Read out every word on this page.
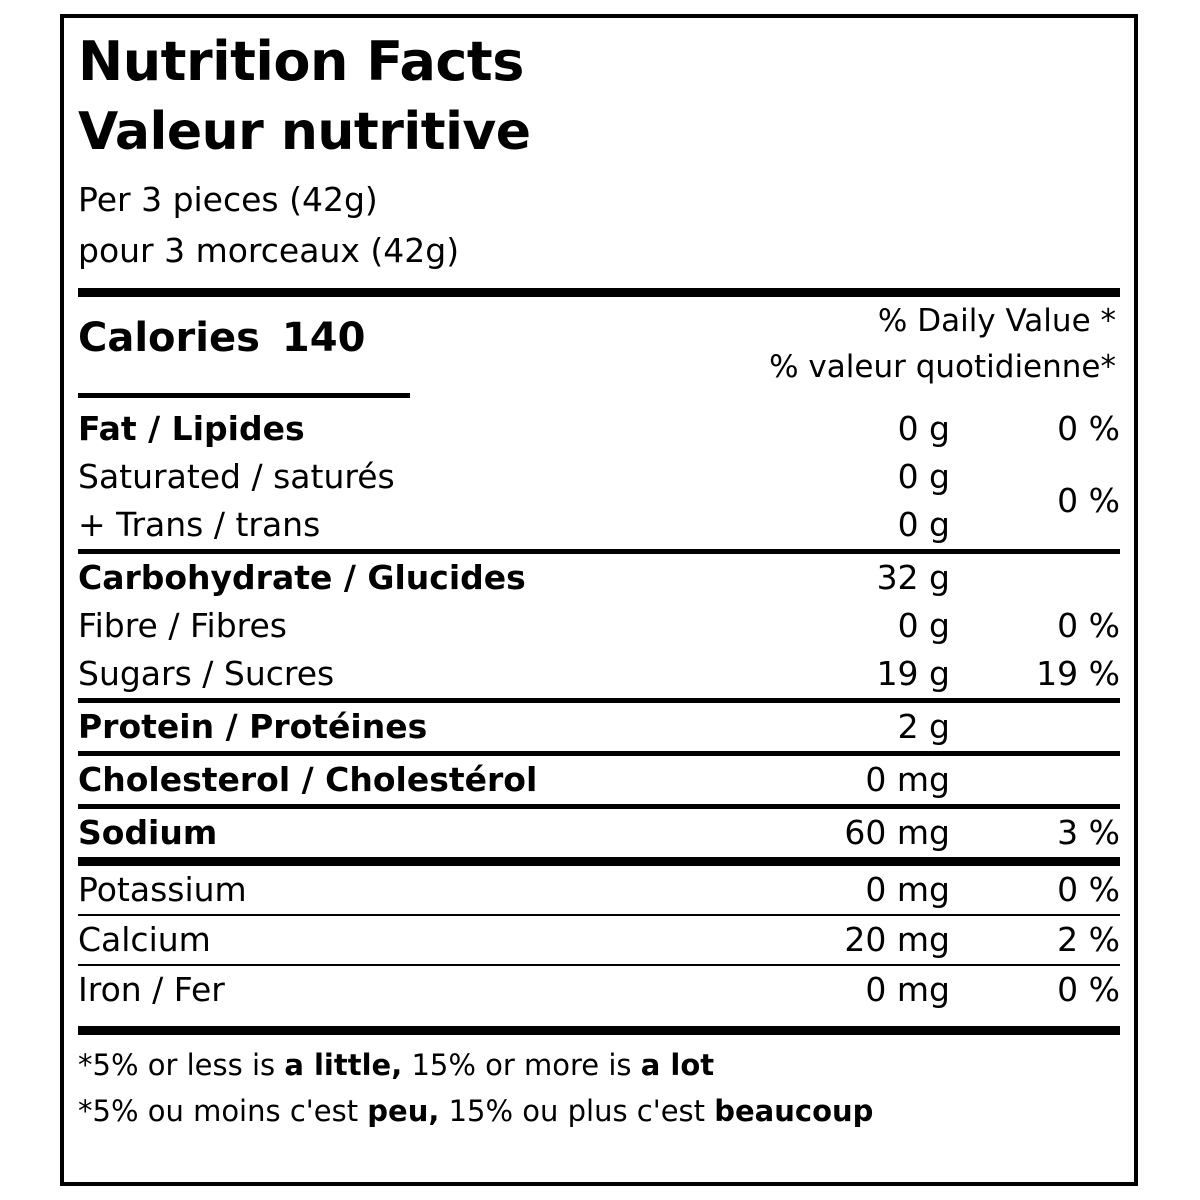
Nutrition Facts
Valeur nutritive
Per 3 pieces (42g)
pour 3 morceaux (42g)
Calories 140	% Daily Value *
% valeur quotidienne*
Fat / Lipides	0 g	0 %
Saturated / saturés	0 g	0 %
+ Trans / trans	0 g	
Carbohydrate / Glucides	32 g	
Fibre / Fibres	0 g	0 %
Sugars / Sucres	19 g	19 %
Protein / Protéines	2 g	
Cholesterol / Cholestérol	0 mg	
Sodium	60 mg	3 %
Potassium	0 mg	0 %
Calcium	20 mg	2 %
Iron / Fer	0 mg	0 %
*5% or less is a little, 15% or more is a lot
*5% ou moins c'est peu, 15% ou plus c'est beaucoup
